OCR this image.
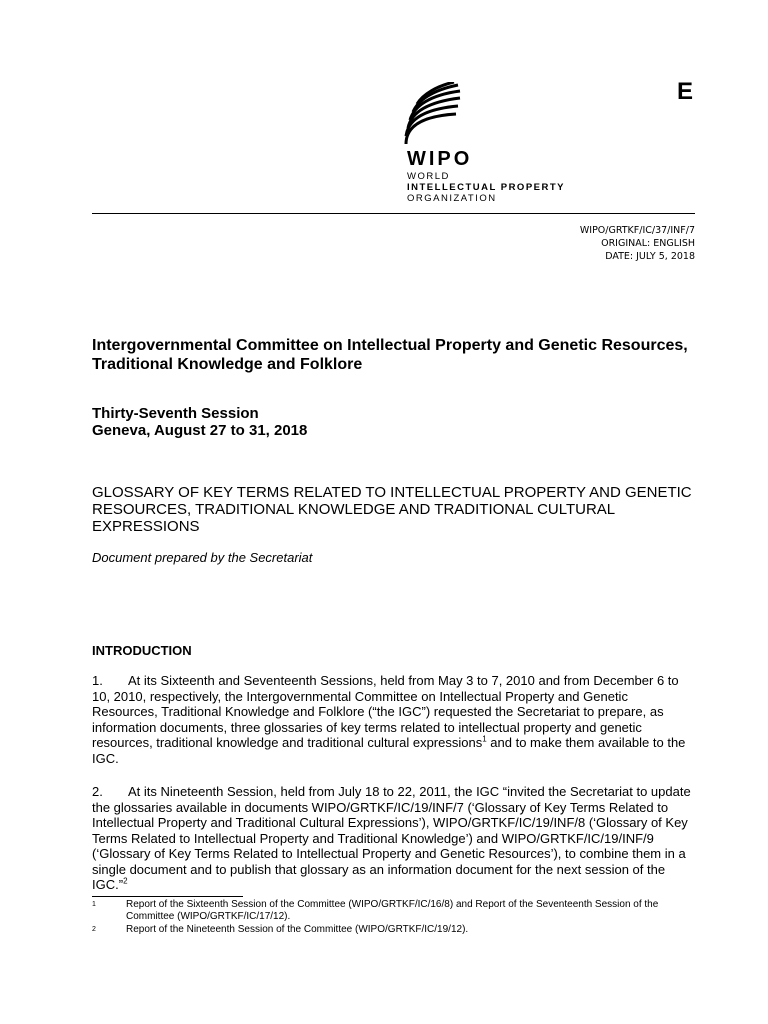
E
WIPO
WORLD
INTELLECTUAL PROPERTY
ORGANIZATION
WIPO/GRTKF/IC/37/INF/7
ORIGINAL: ENGLISH
DATE: JULY 5, 2018
Intergovernmental Committee on Intellectual Property and Genetic Resources, Traditional Knowledge and Folklore
Thirty-Seventh Session
Geneva, August 27 to 31, 2018
GLOSSARY OF KEY TERMS RELATED TO INTELLECTUAL PROPERTY AND GENETIC RESOURCES, TRADITIONAL KNOWLEDGE AND TRADITIONAL CULTURAL EXPRESSIONS
Document prepared by the Secretariat
INTRODUCTION
1. At its Sixteenth and Seventeenth Sessions, held from May 3 to 7, 2010 and from December 6 to 10, 2010, respectively, the Intergovernmental Committee on Intellectual Property and Genetic Resources, Traditional Knowledge and Folklore (“the IGC”) requested the Secretariat to prepare, as information documents, three glossaries of key terms related to intellectual property and genetic resources, traditional knowledge and traditional cultural expressions$^1$ and to make them available to the IGC.
2. At its Nineteenth Session, held from July 18 to 22, 2011, the IGC “invited the Secretariat to update the glossaries available in documents WIPO/GRTKF/IC/19/INF/7 (‘Glossary of Key Terms Related to Intellectual Property and Traditional Cultural Expressions’), WIPO/GRTKF/IC/19/INF/8 (‘Glossary of Key Terms Related to Intellectual Property and Traditional Knowledge’) and WIPO/GRTKF/IC/19/INF/9 (‘Glossary of Key Terms Related to Intellectual Property and Genetic Resources’), to combine them in a single document and to publish that glossary as an information document for the next session of the IGC.”$^2$
1	Report of the Sixteenth Session of the Committee (WIPO/GRTKF/IC/16/8) and Report of the Seventeenth Session of the Committee (WIPO/GRTKF/IC/17/12).
2	Report of the Nineteenth Session of the Committee (WIPO/GRTKF/IC/19/12).
